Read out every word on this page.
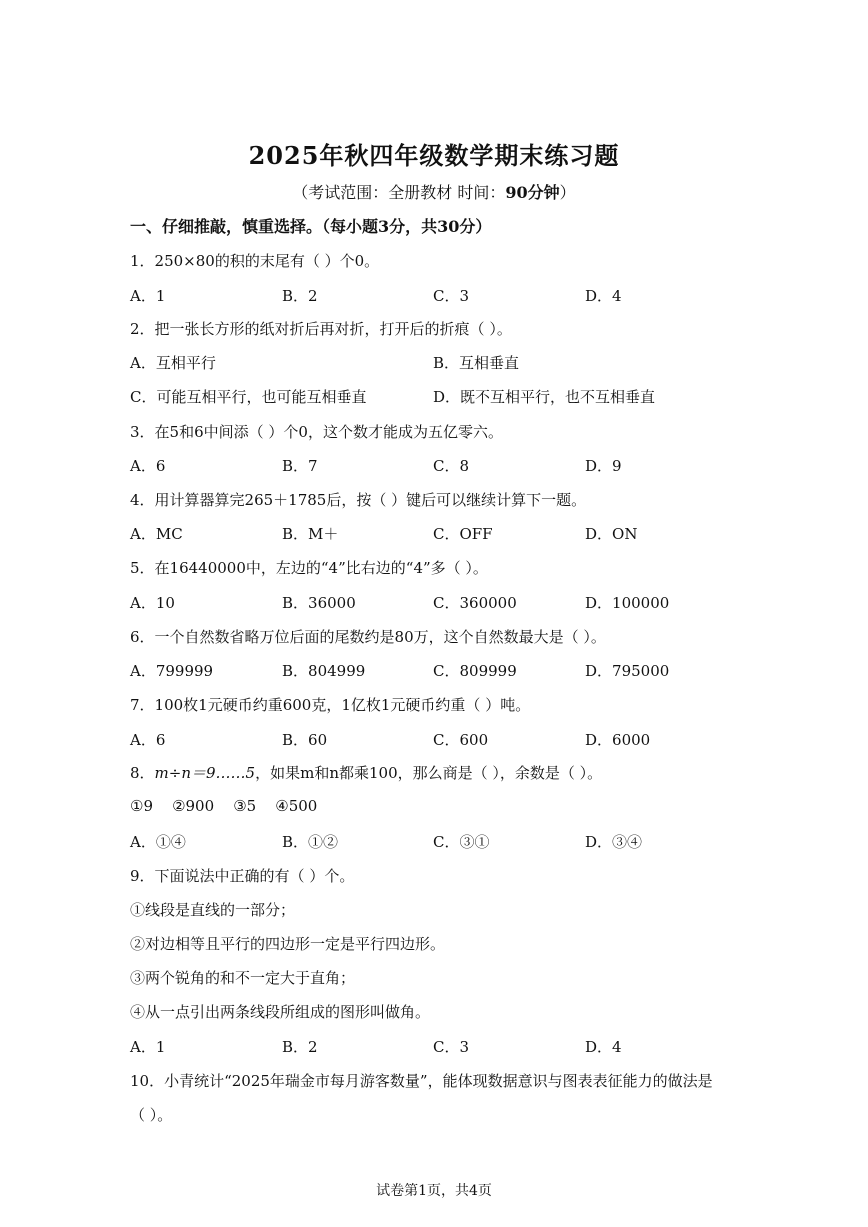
2025年秋四年级数学期末练习题
（考试范围：全册教材 时间：90分钟）
一、仔细推敲，慎重选择。（每小题3分，共30分）
1．250×80的积的末尾有（ ）个0。
A．1	B．2	C．3	D．4
2．把一张长方形的纸对折后再对折，打开后的折痕（ ）。
A．互相平行	B．互相垂直
C．可能互相平行，也可能互相垂直	D．既不互相平行，也不互相垂直
3．在5和6中间添（ ）个0，这个数才能成为五亿零六。
A．6	B．7	C．8	D．9
4．用计算器算完265＋1785后，按（ ）键后可以继续计算下一题。
A．MC	B．M＋	C．OFF	D．ON
5．在16440000中，左边的“4”比右边的“4”多（ ）。
A．10	B．36000	C．360000	D．100000
6．一个自然数省略万位后面的尾数约是80万，这个自然数最大是（ ）。
A．799999	B．804999	C．809999	D．795000
7．100枚1元硬币约重600克，1亿枚1元硬币约重（ ）吨。
A．6	B．60	C．600	D．6000
8．m÷n＝9……5，如果m和n都乘100，那么商是（ ），余数是（ ）。
①9    ②900    ③5    ④500
A．①④	B．①②	C．③①	D．③④
9．下面说法中正确的有（ ）个。
①线段是直线的一部分；
②对边相等且平行的四边形一定是平行四边形。
③两个锐角的和不一定大于直角；
④从一点引出两条线段所组成的图形叫做角。
A．1	B．2	C．3	D．4
10．小青统计“2025年瑞金市每月游客数量”，能体现数据意识与图表表征能力的做法是
（ ）。
试卷第1页，共4页
